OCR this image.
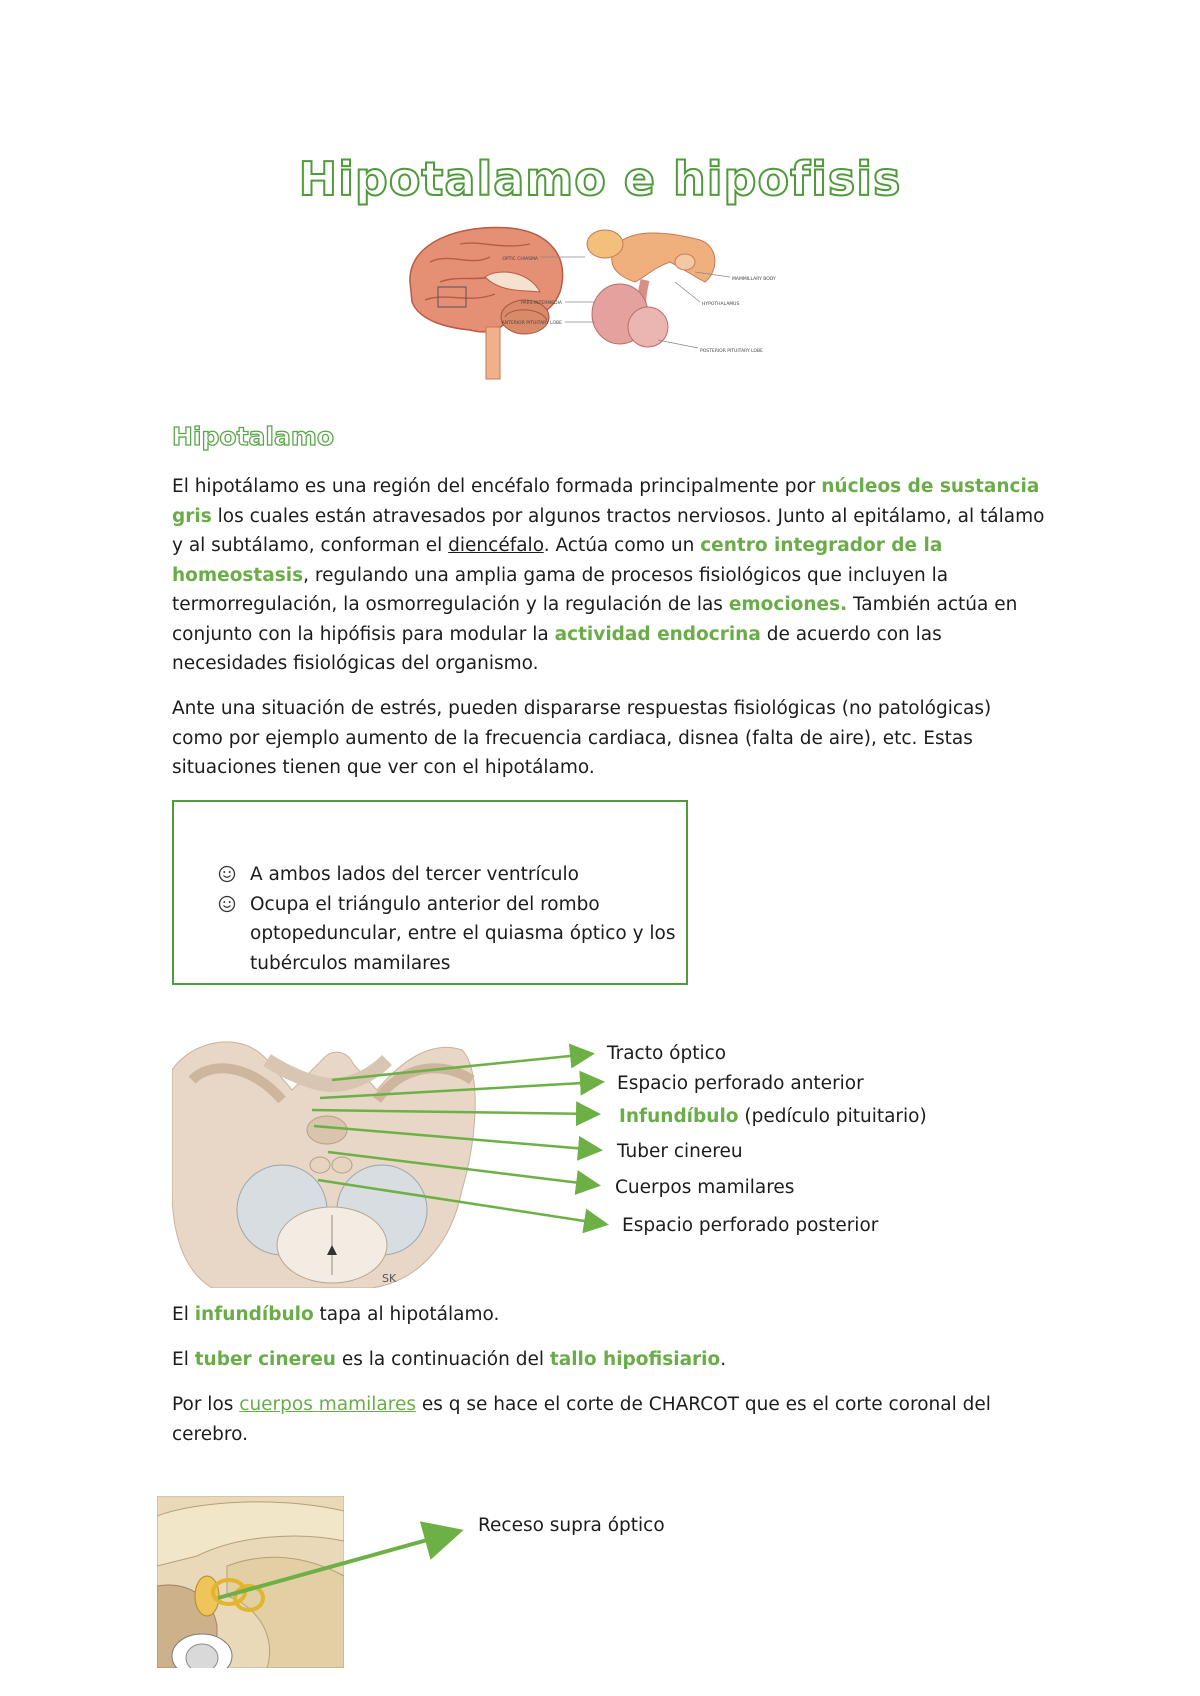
Hipotalamo e hipofisis
OPTIC CHIASMA
MAMMILLARY BODY
PARS INTERMEDIA	HYPOTHALAMUS
ANTERIOR PITUITARY LOBE
POSTERIOR PITUITARY LOBE
Hipotalamo
El hipotálamo es una región del encéfalo formada principalmente por núcleos de sustancia gris los cuales están atravesados por algunos tractos nerviosos. Junto al epitálamo, al tálamo y al subtálamo, conforman el diencéfalo. Actúa como un centro integrador de la homeostasis, regulando una amplia gama de procesos fisiológicos que incluyen la termorregulación, la osmorregulación y la regulación de las emociones. También actúa en conjunto con la hipófisis para modular la actividad endocrina de acuerdo con las necesidades fisiológicas del organismo.
Ante una situación de estrés, pueden dispararse respuestas fisiológicas (no patológicas) como por ejemplo aumento de la frecuencia cardiaca, disnea (falta de aire), etc. Estas situaciones tienen que ver con el hipotálamo.
A ambos lados del tercer ventrículo
Ocupa el triángulo anterior del rombo optopeduncular, entre el quiasma óptico y los tubérculos mamilares
SK
Tracto óptico
Espacio perforado anterior
Infundíbulo (pedículo pituitario)
Tuber cinereu
Cuerpos mamilares
Espacio perforado posterior
El infundíbulo tapa al hipotálamo.
El tuber cinereu es la continuación del tallo hipofisiario.
Por los cuerpos mamilares es q se hace el corte de CHARCOT que es el corte coronal del cerebro.
Receso supra óptico
